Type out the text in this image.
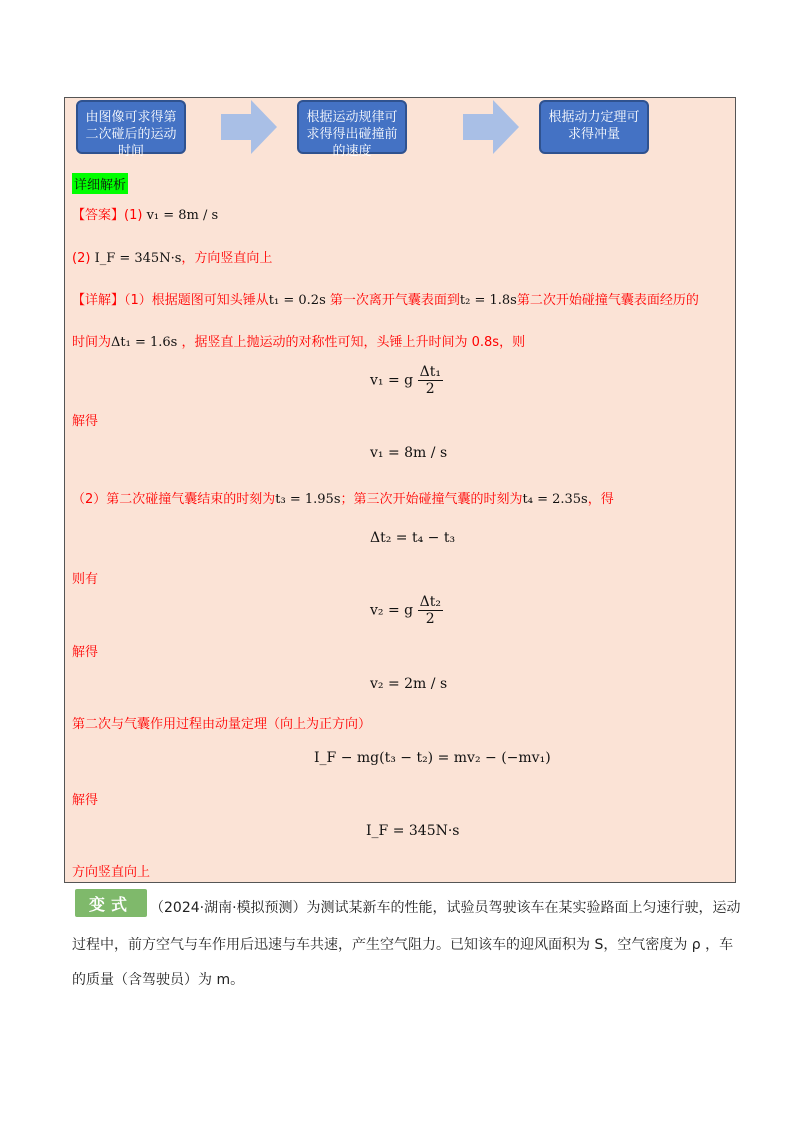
由图像可求得第二次碰后的运动时间
根据运动规律可求得得出碰撞前的速度
根据动力定理可求得冲量
详细解析
【答案】(1) v₁ = 8m / s
(2) I_F = 345N·s，方向竖直向上
【详解】（1）根据题图可知头锤从t₁ = 0.2s 第一次离开气囊表面到t₂ = 1.8s第二次开始碰撞气囊表面经历的
时间为Δt₁ = 1.6s ，据竖直上抛运动的对称性可知，头锤上升时间为 0.8s，则
v₁ = g $\frac{\text{Δt₁}}{2}$
解得
v₁ = 8m / s
（2）第二次碰撞气囊结束的时刻为t₃ = 1.95s；第三次开始碰撞气囊的时刻为t₄ = 2.35s，得
Δt₂ = t₄ − t₃
则有
v₂ = g $\frac{\text{Δt₂}}{2}$
解得
v₂ = 2m / s
第二次与气囊作用过程由动量定理（向上为正方向）
I_F − mg(t₃ − t₂) = mv₂ − (−mv₁)
解得
I_F = 345N·s
方向竖直向上
变式	（2024·湖南·模拟预测）为测试某新车的性能，试验员驾驶该车在某实验路面上匀速行驶，运动
过程中，前方空气与车作用后迅速与车共速，产生空气阻力。已知该车的迎风面积为 S，空气密度为 ρ ，车
的质量（含驾驶员）为 m。
